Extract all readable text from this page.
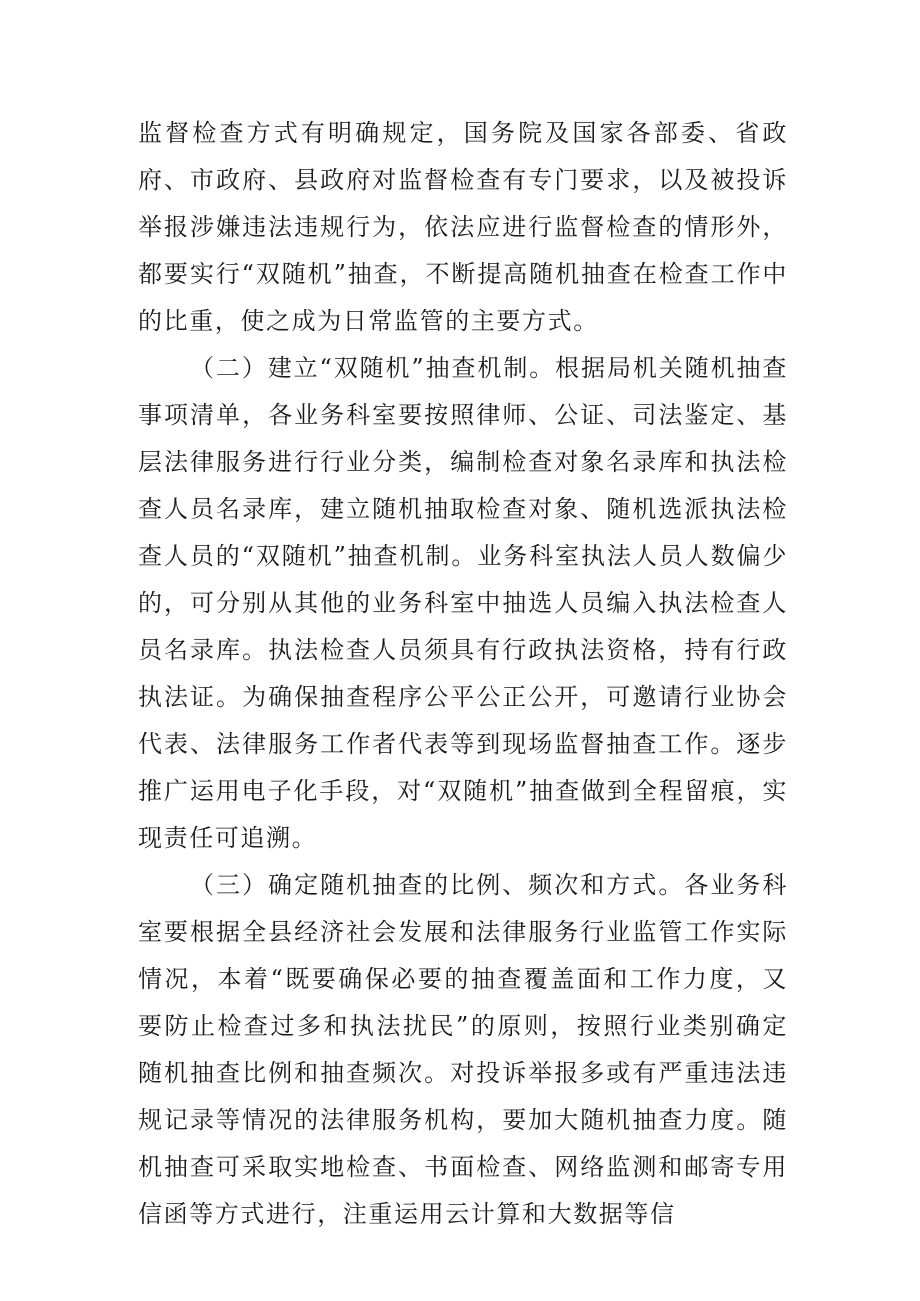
监督检查方式有明确规定，国务院及国家各部委、省政府、市政府、县政府对监督检查有专门要求，以及被投诉举报涉嫌违法违规行为，依法应进行监督检查的情形外，都要实行“双随机”抽查，不断提高随机抽查在检查工作中的比重，使之成为日常监管的主要方式。

（二）建立“双随机”抽查机制。根据局机关随机抽查事项清单，各业务科室要按照律师、公证、司法鉴定、基层法律服务进行行业分类，编制检查对象名录库和执法检查人员名录库，建立随机抽取检查对象、随机选派执法检查人员的“双随机”抽查机制。业务科室执法人员人数偏少的，可分别从其他的业务科室中抽选人员编入执法检查人员名录库。执法检查人员须具有行政执法资格，持有行政执法证。为确保抽查程序公平公正公开，可邀请行业协会代表、法律服务工作者代表等到现场监督抽查工作。逐步推广运用电子化手段，对“双随机”抽查做到全程留痕，实现责任可追溯。

（三）确定随机抽查的比例、频次和方式。各业务科室要根据全县经济社会发展和法律服务行业监管工作实际情况，本着“既要确保必要的抽查覆盖面和工作力度，又要防止检查过多和执法扰民”的原则，按照行业类别确定随机抽查比例和抽查频次。对投诉举报多或有严重违法违规记录等情况的法律服务机构，要加大随机抽查力度。随机抽查可采取实地检查、书面检查、网络监测和邮寄专用信函等方式进行，注重运用云计算和大数据等信
